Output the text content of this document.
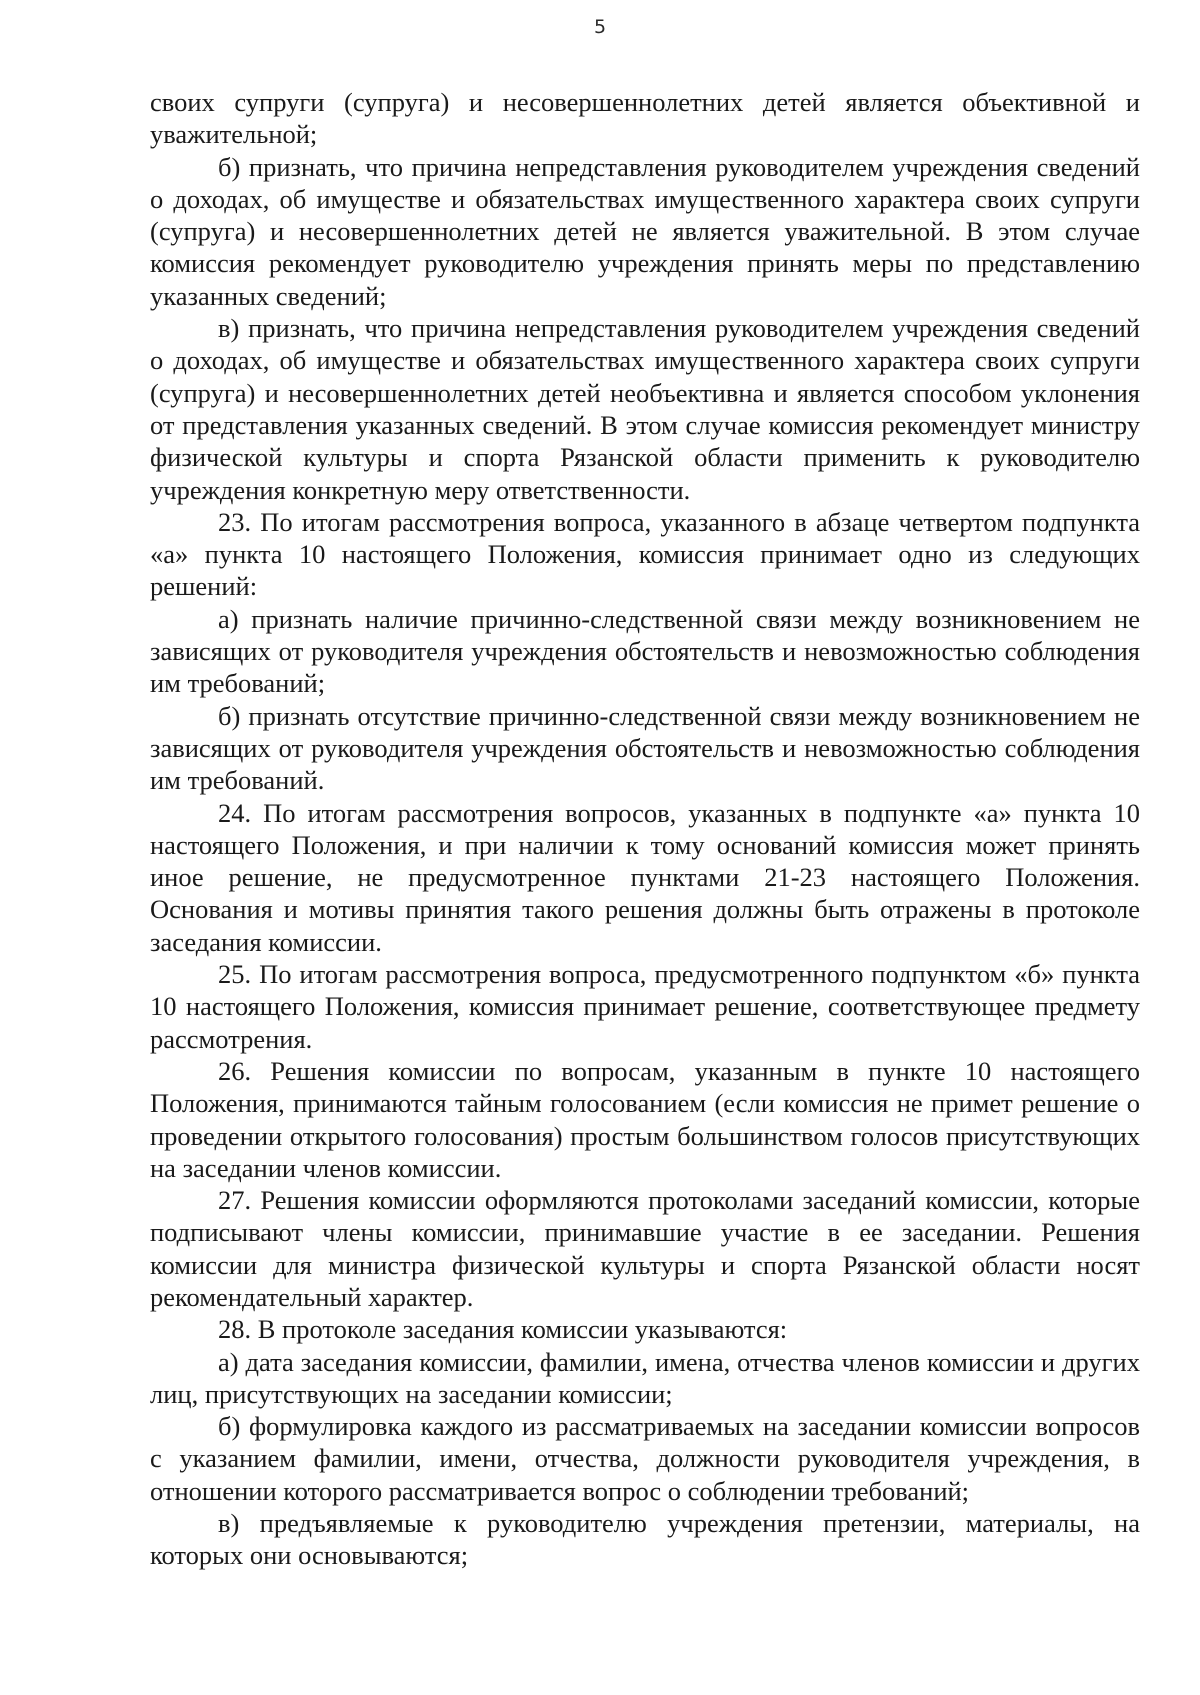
5

своих супруги (супруга) и несовершеннолетних детей является объективной и уважительной;

б) признать, что причина непредставления руководителем учреждения сведений о доходах, об имуществе и обязательствах имущественного характера своих супруги (супруга) и несовершеннолетних детей не является уважительной. В этом случае комиссия рекомендует руководителю учреждения принять меры по представлению указанных сведений;

в) признать, что причина непредставления руководителем учреждения сведений о доходах, об имуществе и обязательствах имущественного характера своих супруги (супруга) и несовершеннолетних детей необъективна и является способом уклонения от представления указанных сведений. В этом случае комиссия рекомендует министру физической культуры и спорта Рязанской области применить к руководителю учреждения конкретную меру ответственности.

23. По итогам рассмотрения вопроса, указанного в абзаце четвертом подпункта «а» пункта 10 настоящего Положения, комиссия принимает одно из следующих решений:

а) признать наличие причинно-следственной связи между возникновением не зависящих от руководителя учреждения обстоятельств и невозможностью соблюдения им требований;

б) признать отсутствие причинно-следственной связи между возникновением не зависящих от руководителя учреждения обстоятельств и невозможностью соблюдения им требований.

24. По итогам рассмотрения вопросов, указанных в подпункте «а» пункта 10 настоящего Положения, и при наличии к тому оснований комиссия может принять иное решение, не предусмотренное пунктами 21-23 настоящего Положения. Основания и мотивы принятия такого решения должны быть отражены в протоколе заседания комиссии.

25. По итогам рассмотрения вопроса, предусмотренного подпунктом «б» пункта 10 настоящего Положения, комиссия принимает решение, соответствующее предмету рассмотрения.

26. Решения комиссии по вопросам, указанным в пункте 10 настоящего Положения, принимаются тайным голосованием (если комиссия не примет решение о проведении открытого голосования) простым большинством голосов присутствующих на заседании членов комиссии.

27. Решения комиссии оформляются протоколами заседаний комиссии, которые подписывают члены комиссии, принимавшие участие в ее заседании. Решения комиссии для министра физической культуры и спорта Рязанской области носят рекомендательный характер.

28. В протоколе заседания комиссии указываются:

а) дата заседания комиссии, фамилии, имена, отчества членов комиссии и других лиц, присутствующих на заседании комиссии;

б) формулировка каждого из рассматриваемых на заседании комиссии вопросов с указанием фамилии, имени, отчества, должности руководителя учреждения, в отношении которого рассматривается вопрос о соблюдении требований;

в) предъявляемые к руководителю учреждения претензии, материалы, на которых они основываются;
